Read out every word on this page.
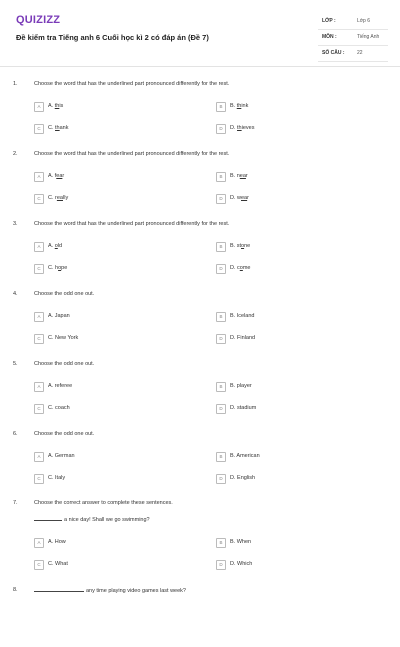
QUIZIZZ
Đề kiểm tra Tiếng anh 6 Cuối học kì 2 có đáp án (Đề 7)
LỚP :	Lớp 6
MÔN :	Tiếng Anh
SỐ CÂU :	22
1.	Choose the word that has the underlined part pronounced differently for the rest.
A	A. this	B	B. think
C	C. thank	D	D. thieves
2.	Choose the word that has the underlined part pronounced differently for the rest.
A	A. fear	B	B. near
C	C. really	D	D. wear
3.	Choose the word that has the underlined part pronounced differently for the rest.
A	A. old	B	B. stone
C	C. hope	D	D. come
4.	Choose the odd one out.
A	A. Japan	B	B. Iceland
C	C. New York	D	D. Finland
5.	Choose the odd one out.
A	A. referee	B	B. player
C	C. coach	D	D. stadium
6.	Choose the odd one out.
A	A. German	B	B. American
C	C. Italy	D	D. English
7.	Choose the correct answer to complete these sentences.
a nice day! Shall we go swimming?
A	A. How	B	B. When
C	C. What	D	D. Which
8.	any time playing video games last week?
